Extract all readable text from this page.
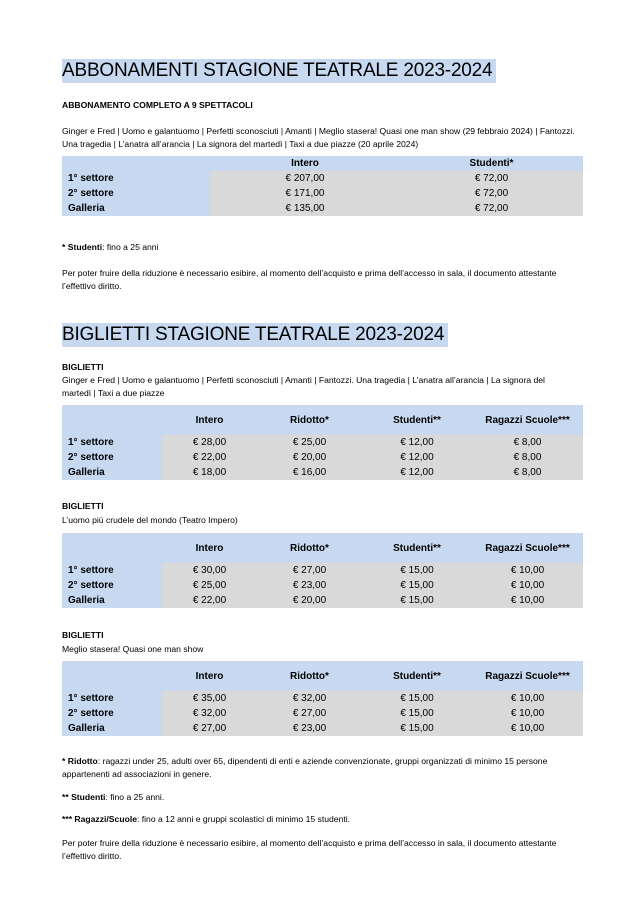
ABBONAMENTI STAGIONE TEATRALE 2023-2024
ABBONAMENTO COMPLETO A 9 SPETTACOLI
Ginger e Fred | Uomo e galantuomo | Perfetti sconosciuti | Amanti | Meglio stasera! Quasi one man show (29 febbraio 2024) | Fantozzi. Una tragedia | L’anatra all’arancia | La signora del martedì | Taxi a due piazze (20 aprile 2024)
	Intero	Studenti*
1° settore	€ 207,00	€ 72,00
2° settore	€ 171,00	€ 72,00
Galleria	€ 135,00	€ 72,00
* Studenti: fino a 25 anni
Per poter fruire della riduzione è necessario esibire, al momento dell’acquisto e prima dell’accesso in sala, il documento attestante l’effettivo diritto.
BIGLIETTI STAGIONE TEATRALE 2023-2024
BIGLIETTI
Ginger e Fred | Uomo e galantuomo | Perfetti sconosciuti | Amanti | Fantozzi. Una tragedia | L’anatra all’arancia | La signora del martedì | Taxi a due piazze
	Intero	Ridotto*	Studenti**	Ragazzi Scuole***
1° settore	€ 28,00	€ 25,00	€ 12,00	€ 8,00
2° settore	€ 22,00	€ 20,00	€ 12,00	€ 8,00
Galleria	€ 18,00	€ 16,00	€ 12,00	€ 8,00
BIGLIETTI
L’uomo più crudele del mondo (Teatro Impero)
	Intero	Ridotto*	Studenti**	Ragazzi Scuole***
1° settore	€ 30,00	€ 27,00	€ 15,00	€ 10,00
2° settore	€ 25,00	€ 23,00	€ 15,00	€ 10,00
Galleria	€ 22,00	€ 20,00	€ 15,00	€ 10,00
BIGLIETTI
Meglio stasera! Quasi one man show
	Intero	Ridotto*	Studenti**	Ragazzi Scuole***
1° settore	€ 35,00	€ 32,00	€ 15,00	€ 10,00
2° settore	€ 32,00	€ 27,00	€ 15,00	€ 10,00
Galleria	€ 27,00	€ 23,00	€ 15,00	€ 10,00
* Ridotto: ragazzi under 25, adulti over 65, dipendenti di enti e aziende convenzionate, gruppi organizzati di minimo 15 persone appartenenti ad associazioni in genere.
** Studenti: fino a 25 anni.
*** Ragazzi/Scuole: fino a 12 anni e gruppi scolastici di minimo 15 studenti.
Per poter fruire della riduzione è necessario esibire, al momento dell’acquisto e prima dell’accesso in sala, il documento attestante l’effettivo diritto.
